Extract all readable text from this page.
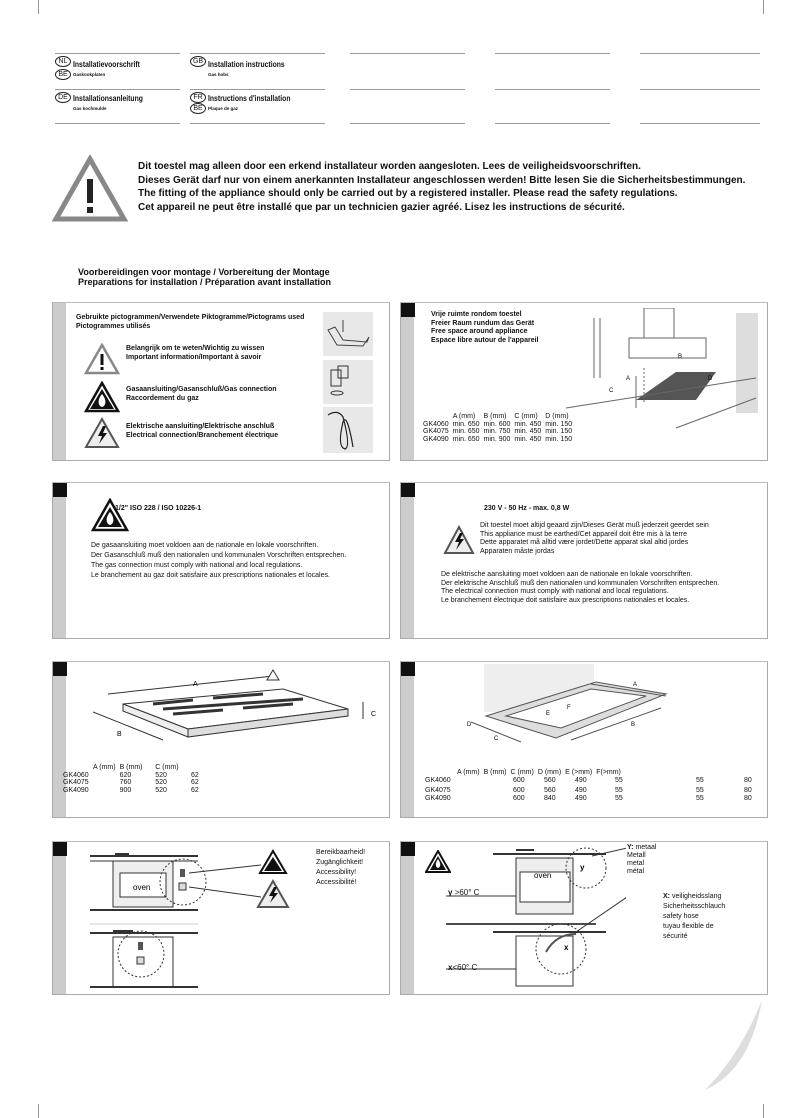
NL Installatievoorschrift
BE	Gaskookplaten
DE Installationsanleitung
Gas kochmulde
GB Installation instructions
Gas hobs
FR Instructions d'installation
BE	Plaque de gaz
Dit toestel mag alleen door een erkend installateur worden aangesloten. Lees de veiligheidsvoorschriften.
Dieses Gerät darf nur von einem anerkannten Installateur angeschlossen werden! Bitte lesen Sie die Sicherheitsbestimmungen.
The fitting of the appliance should only be carried out by a registered installer. Please read the safety regulations.
Cet appareil ne peut être installé que par un technicien gazier agréé. Lisez les instructions de sécurité.
Voorbereidingen voor montage / Vorbereitung der Montage
Preparations for installation / Préparation avant installation
Gebruikte pictogrammen/Verwendete Piktogramme/Pictograms used
Pictogrammes utilisés
Belangrijk om te weten/Wichtig zu wissen
Important information/Important à savoir
Gasaansluiting/Gasanschluß/Gas connection
Raccordement du gaz
Elektrische aansluiting/Elektrische anschluß
Electrical connection/Branchement électrique
Vrije ruimte rondom toestel
Freier Raum rundum das Gerät
Free space around appliance
Espace libre autour de l'appareil
	A (mm)	B (mm)	C (mm)	D (mm)
GK4060	min. 650	min. 600	min. 450	min. 150
GK4075	min. 650	min. 750	min. 450	min. 150
GK4090	min. 650	min. 900	min. 450	min. 150
A
B
C
D
1/2" ISO 228 / ISO 10226-1
De gasaansluiting moet voldoen aan de nationale en lokale voorschriften.
Der Gasanschluß muß den nationalen und kommunalen Vorschriften entsprechen.
The gas connection must comply with national and local regulations.
Le branchement au gaz doit satisfaire aux prescriptions nationales et locales.
230 V - 50 Hz - max. 0,8 W
Dit toestel moet altijd geaard zijn/Dieses Gerät muß jederzeit geerdet sein
This appliance must be earthed/Cet appareil doit être mis à la terre
Dette apparatet må alltid være jordet/Dette apparat skal altid jordes
Apparaten måste jordas
De elektrische aansluiting moet voldoen aan de nationale en lokale voorschriften.
Der elektrische Anschluß muß den nationalen und kommunalen Vorschriften entsprechen.
The electrical connection must comply with national and local regulations.
Le branchement électrique doit satisfaire aux prescriptions nationales et locales.
A
B
C
	A (mm)	B (mm)	C (mm)	
GK4060		620	520	62
GK4075		760	520	62
GK4090		900	520	62
A
B
C
D
E
F
	A (mm)	B (mm)	C (mm)	D (mm)	E (>mm)	F(>mm)
GK4060	600	560	490	55	55	80
GK4075	600	560	490	55	55	80
GK4090	600	840	490	55	55	80
oven
Bereikbaarheid!
Zugänglichkeit!
Accessibility!
Accessibilité!
oven
y
x
y >60° C
x<60° C
Y: metaal
Metall
metal
métal
X: veiligheidsslang
Sicherheitsschlauch
safety hose
tuyau flexible de
sécurité
